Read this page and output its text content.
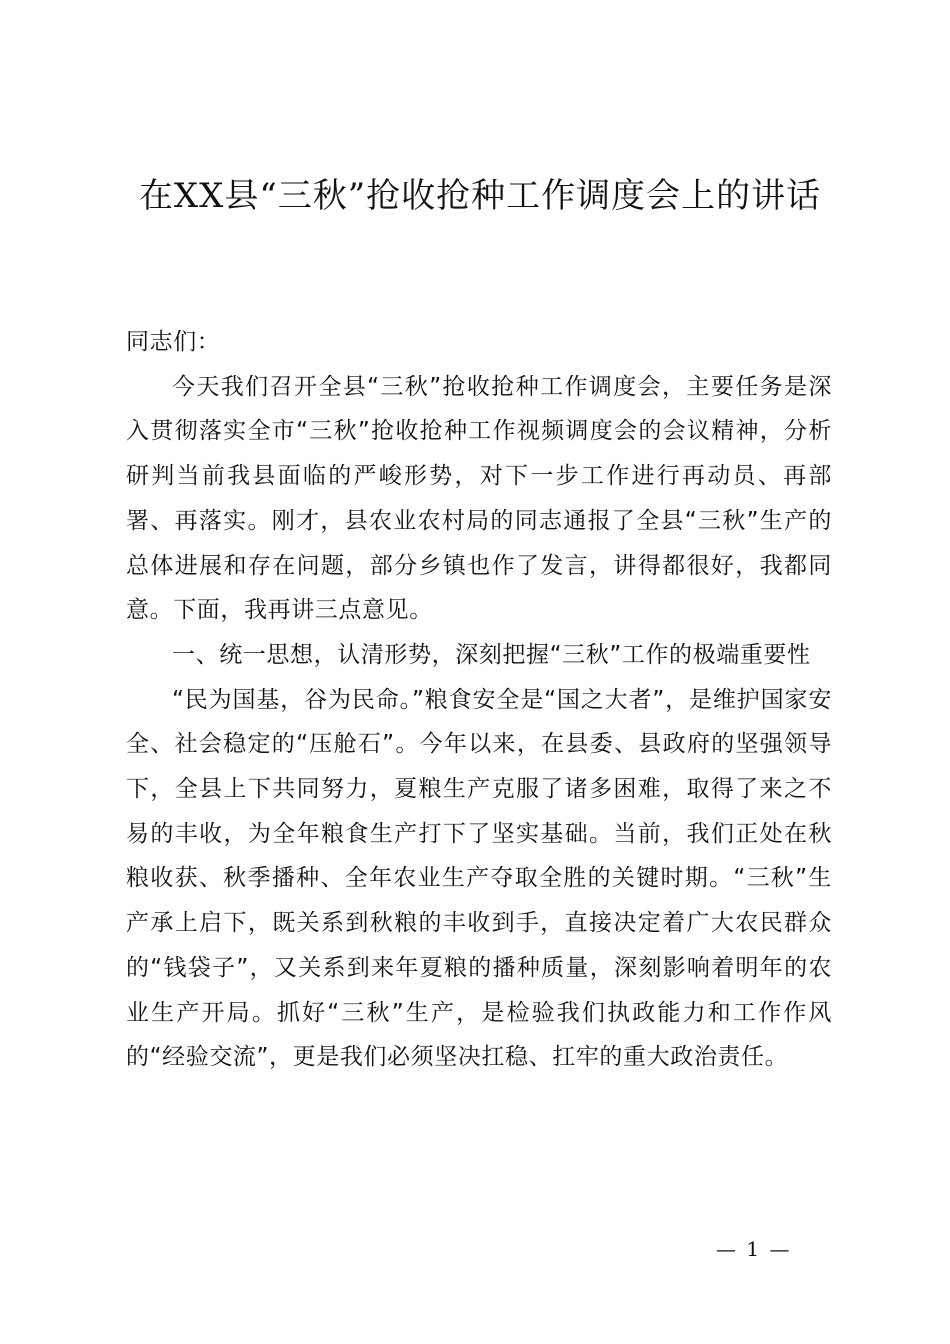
在XX县“三秋”抢收抢种工作调度会上的讲话

同志们：

今天我们召开全县“三秋”抢收抢种工作调度会，主要任务是深入贯彻落实全市“三秋”抢收抢种工作视频调度会的会议精神，分析研判当前我县面临的严峻形势，对下一步工作进行再动员、再部署、再落实。刚才，县农业农村局的同志通报了全县“三秋”生产的总体进展和存在问题，部分乡镇也作了发言，讲得都很好，我都同意。下面，我再讲三点意见。

一、统一思想，认清形势，深刻把握“三秋”工作的极端重要性

“民为国基，谷为民命。”粮食安全是“国之大者”，是维护国家安全、社会稳定的“压舱石”。今年以来，在县委、县政府的坚强领导下，全县上下共同努力，夏粮生产克服了诸多困难，取得了来之不易的丰收，为全年粮食生产打下了坚实基础。当前，我们正处在秋粮收获、秋季播种、全年农业生产夺取全胜的关键时期。“三秋”生产承上启下，既关系到秋粮的丰收到手，直接决定着广大农民群众的“钱袋子”，又关系到来年夏粮的播种质量，深刻影响着明年的农业生产开局。抓好“三秋”生产，是检验我们执政能力和工作作风的“经验交流”，更是我们必须坚决扛稳、扛牢的重大政治责任。

— 1 —
